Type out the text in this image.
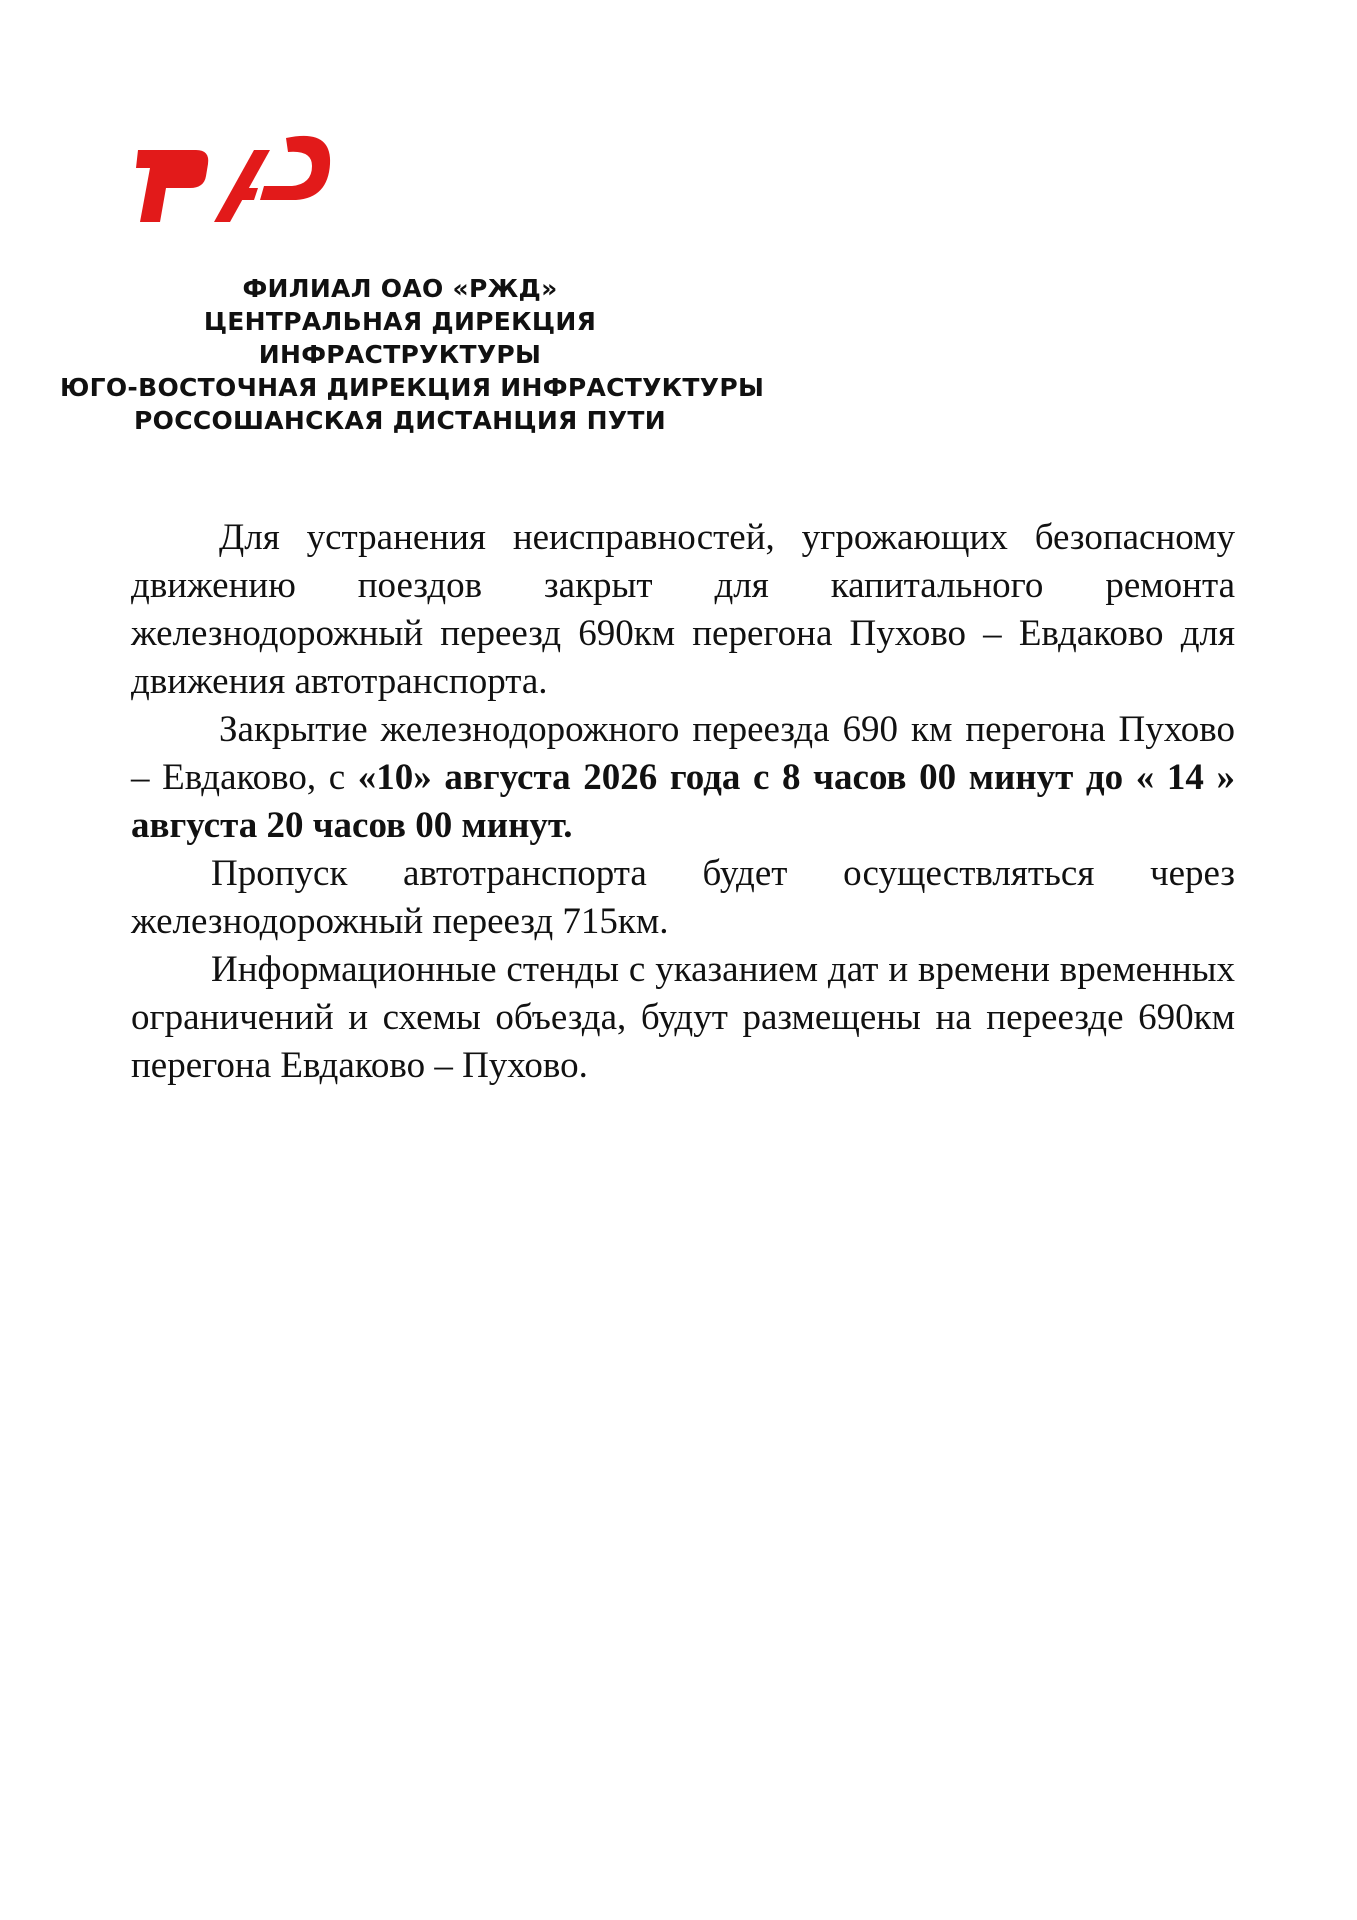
ФИЛИАЛ ОАО «РЖД»
ЦЕНТРАЛЬНАЯ ДИРЕКЦИЯ
ИНФРАСТРУКТУРЫ
ЮГО-ВОСТОЧНАЯ ДИРЕКЦИЯ ИНФРАСТУКТУРЫ
РОССОШАНСКАЯ ДИСТАНЦИЯ ПУТИ

Для устранения неисправностей, угрожающих безопасному движению поездов закрыт для капитального ремонта железнодорожный переезд 690км перегона Пухово – Евдаково для движения автотранспорта.

Закрытие железнодорожного переезда 690 км перегона Пухово – Евдаково, с «10» августа 2026 года с 8 часов 00 минут до « 14 » августа 20 часов 00 минут.

Пропуск автотранспорта будет осуществляться через железнодорожный переезд 715км.

Информационные стенды с указанием дат и времени временных ограничений и схемы объезда, будут размещены на переезде 690км перегона Евдаково – Пухово.
